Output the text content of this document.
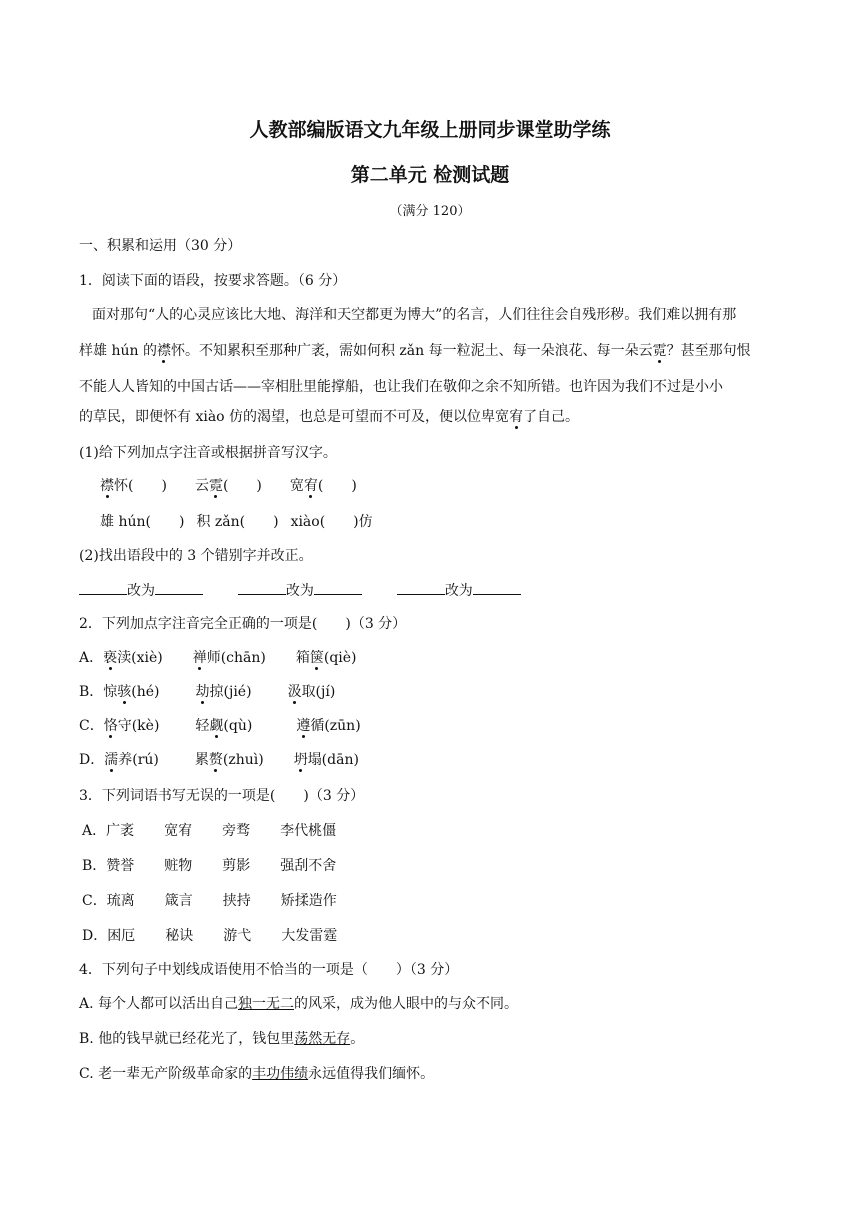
人教部编版语文九年级上册同步课堂助学练
第二单元 检测试题
（满分 120）
一、积累和运用（30 分）
1．阅读下面的语段，按要求答题。（6 分）
面对那句“人的心灵应该比大地、海洋和天空都更为博大”的名言，人们往往会自残形秽。我们难以拥有那
样雄 hún 的襟怀。不知累积至那种广袤，需如何积 zǎn 每一粒泥土、每一朵浪花、每一朵云霓？甚至那句恨
不能人人皆知的中国古话——宰相肚里能撑船，也让我们在敬仰之余不知所错。也许因为我们不过是小小
的草民，即便怀有 xiào 仿的渴望，也总是可望而不可及，便以位卑宽宥了自己。
(1)给下列加点字注音或根据拼音写汉字。
襟怀(　　) 云霓(　　) 宽宥(　　)
雄 hún(　　) 积 zǎn(　　) xiào(　　)仿
(2)找出语段中的 3 个错别字并改正。
改为	改为	改为
2．下列加点字注音完全正确的一项是(　　)（3 分）
A．亵渎(xiè) 禅师(chān) 箱箧(qiè)
B．惊骇(hé)	劫掠(jié)	汲取(jí)
C．恪守(kè)	轻觑(qù)	遵循(zūn)
D．濡养(rú)	累赘(zhuì) 坍塌(dān)
3．下列词语书写无误的一项是(　　)（3 分）
A．广袤 宽宥 旁骛 李代桃僵
B．赞誉 赃物 剪影 强刮不舍
C．琉离 箴言 挟持 矫揉造作
D．困厄 秘诀 游弋 大发雷霆
4．下列句子中划线成语使用不恰当的一项是（　　）（3 分）
A. 每个人都可以活出自己独一无二的风采，成为他人眼中的与众不同。
B. 他的钱早就已经花光了，钱包里荡然无存。
C. 老一辈无产阶级革命家的丰功伟绩永远值得我们缅怀。
